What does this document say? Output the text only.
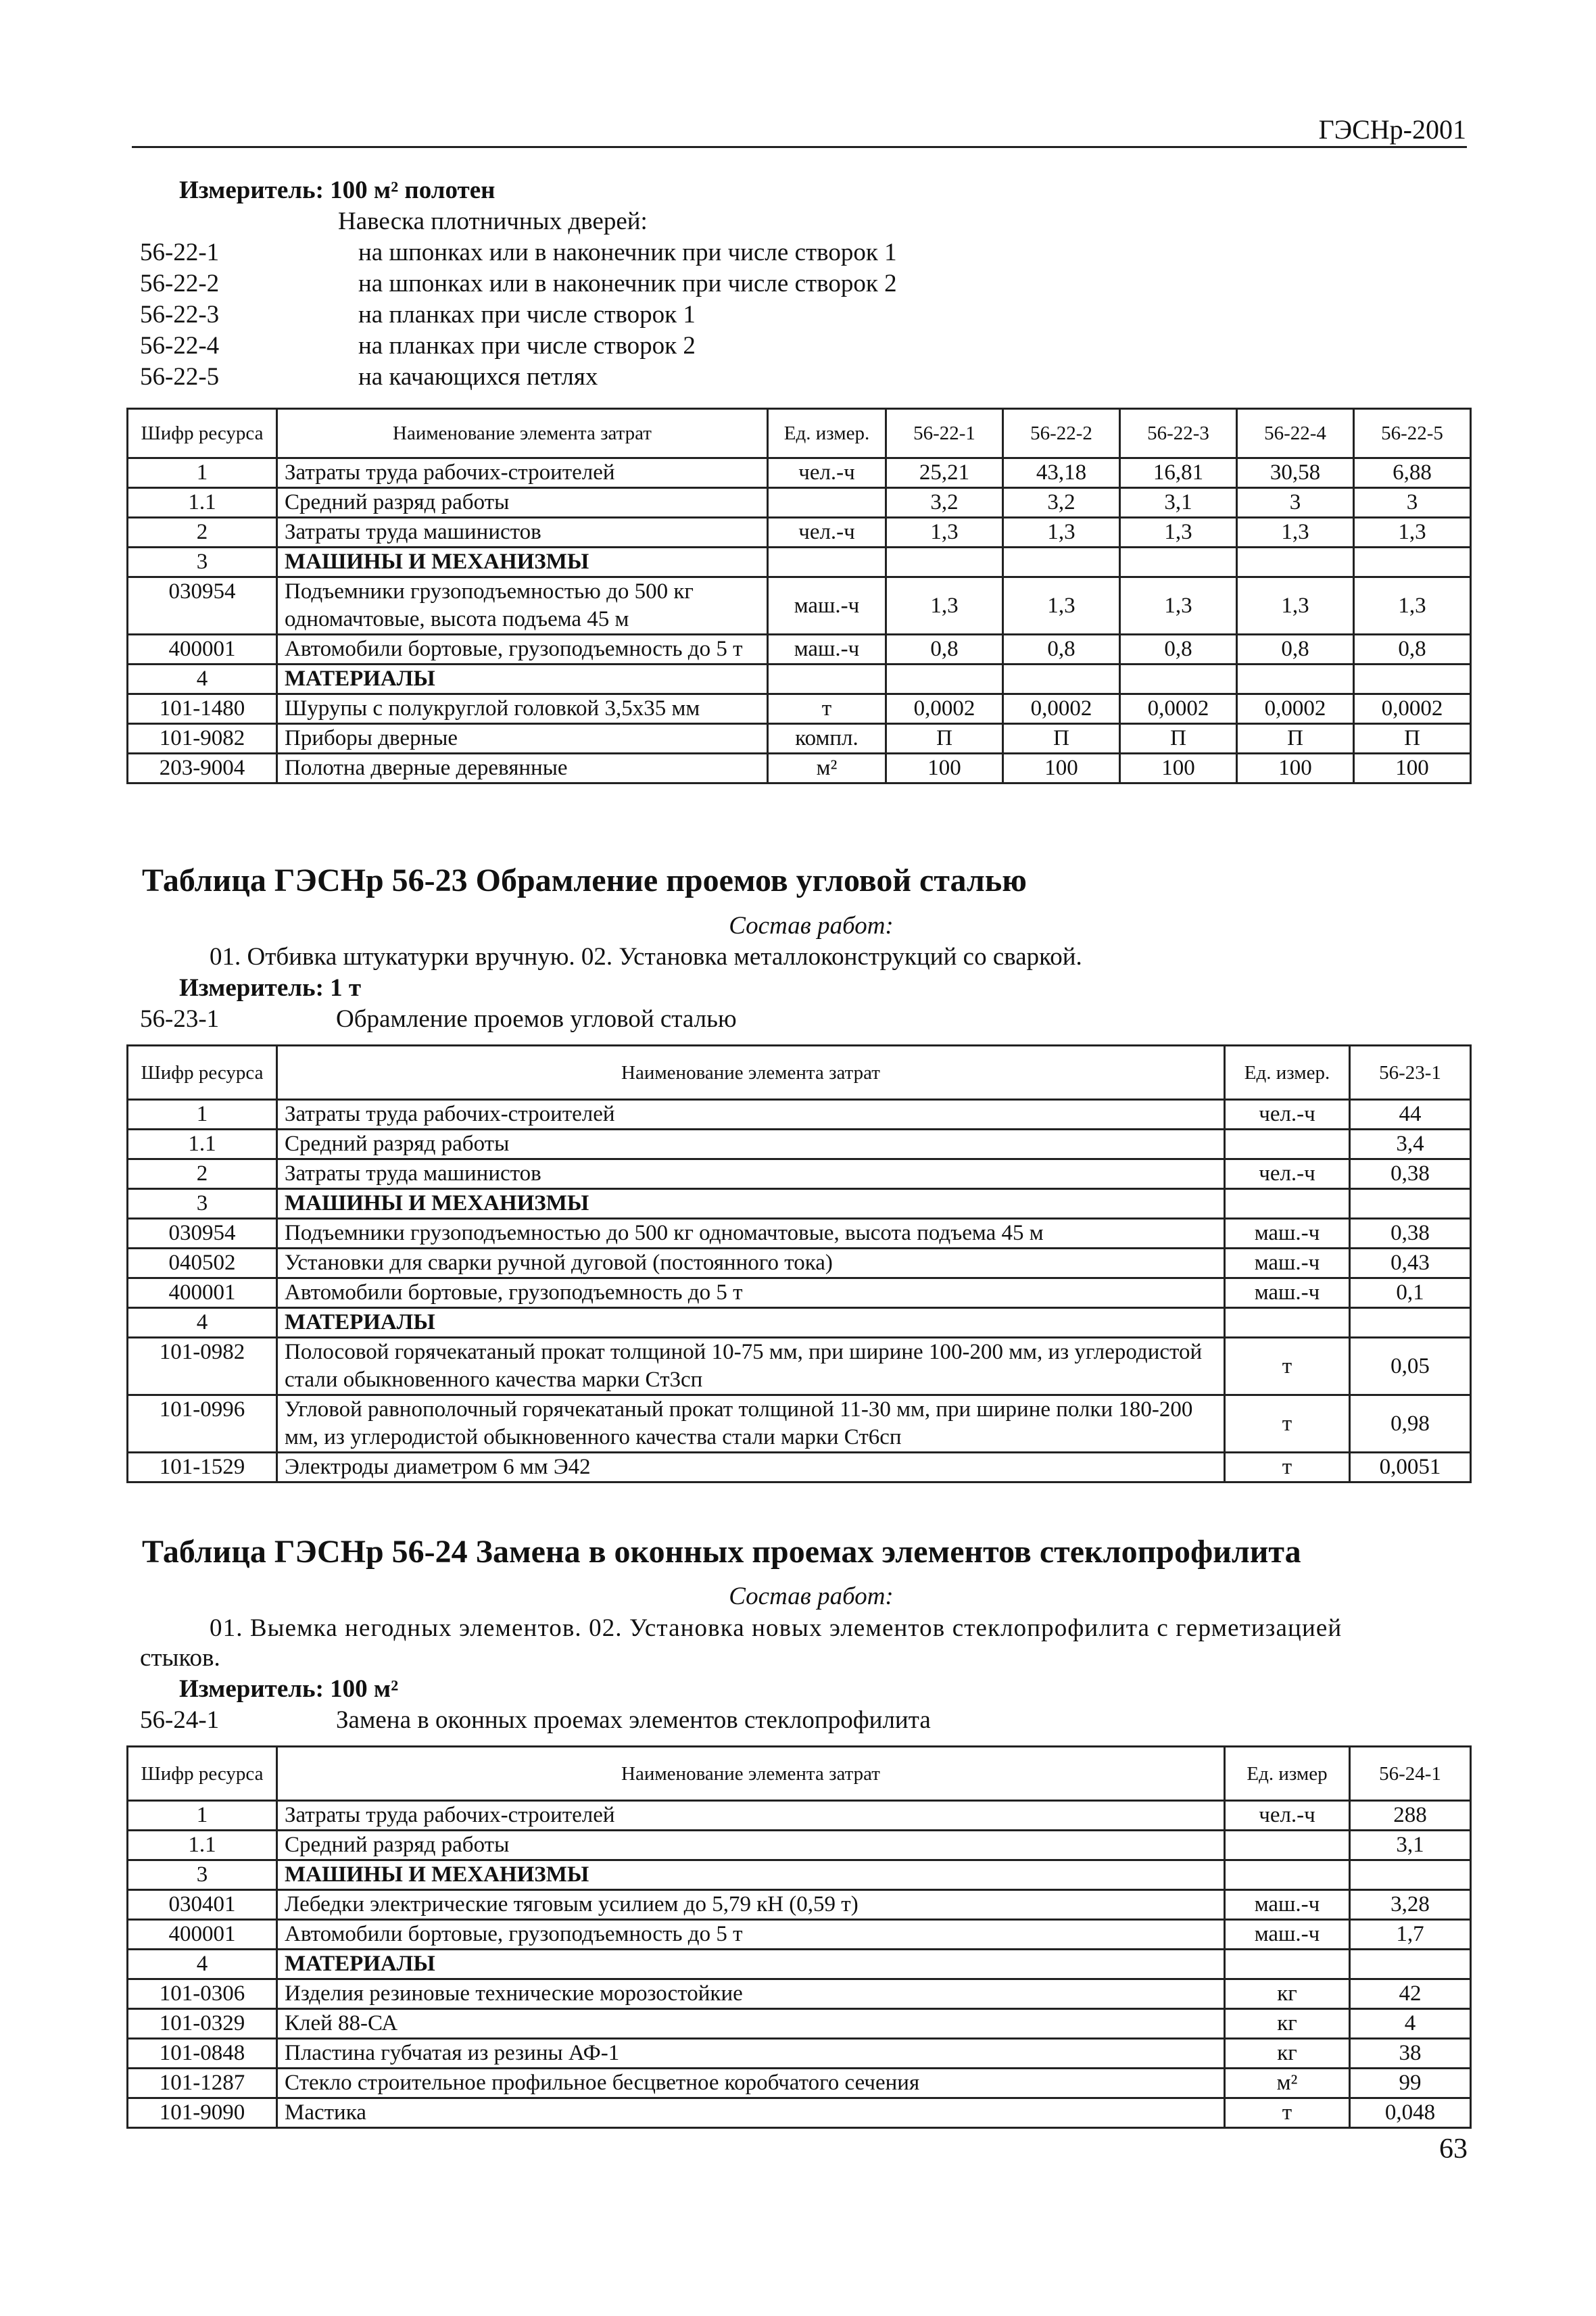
ГЭСНр-2001
Измеритель: 100 м² полотен
Навеска плотничных дверей:
56-22-1	на шпонках или в наконечник при числе створок 1
56-22-2	на шпонках или в наконечник при числе створок 2
56-22-3	на планках при числе створок 1
56-22-4	на планках при числе створок 2
56-22-5	на качающихся петлях
Шифр ресурса	Наименование элемента затрат	Ед. измер.	56-22-1	56-22-2	56-22-3	56-22-4	56-22-5
1	Затраты труда рабочих-строителей	чел.-ч	25,21	43,18	16,81	30,58	6,88
1.1	Средний разряд работы		3,2	3,2	3,1	3	3
2	Затраты труда машинистов	чел.-ч	1,3	1,3	1,3	1,3	1,3
3	МАШИНЫ И МЕХАНИЗМЫ						
030954	Подъемники грузоподъемностью до 500 кг одномачтовые, высота подъема 45 м	маш.-ч	1,3	1,3	1,3	1,3	1,3
400001	Автомобили бортовые, грузоподъемность до 5 т	маш.-ч	0,8	0,8	0,8	0,8	0,8
4	МАТЕРИАЛЫ						
101-1480	Шурупы с полукруглой головкой 3,5х35 мм	т	0,0002	0,0002	0,0002	0,0002	0,0002
101-9082	Приборы дверные	компл.	П	П	П	П	П
203-9004	Полотна дверные деревянные	м²	100	100	100	100	100
Таблица ГЭСНр 56-23 Обрамление проемов угловой сталью
Состав работ:
01. Отбивка штукатурки вручную. 02. Установка металлоконструкций со сваркой.
Измеритель: 1 т
56-23-1	Обрамление проемов угловой сталью
Шифр ресурса	Наименование элемента затрат	Ед. измер.	56-23-1
1	Затраты труда рабочих-строителей	чел.-ч	44
1.1	Средний разряд работы		3,4
2	Затраты труда машинистов	чел.-ч	0,38
3	МАШИНЫ И МЕХАНИЗМЫ		
030954	Подъемники грузоподъемностью до 500 кг одномачтовые, высота подъема 45 м	маш.-ч	0,38
040502	Установки для сварки ручной дуговой (постоянного тока)	маш.-ч	0,43
400001	Автомобили бортовые, грузоподъемность до 5 т	маш.-ч	0,1
4	МАТЕРИАЛЫ		
101-0982	Полосовой горячекатаный прокат толщиной 10-75 мм, при ширине 100-200 мм, из углеродистой стали обыкновенного качества марки Ст3сп	т	0,05
101-0996	Угловой равнополочный горячекатаный прокат толщиной 11-30 мм, при ширине полки 180-200 мм, из углеродистой обыкновенного качества стали марки Ст6сп	т	0,98
101-1529	Электроды диаметром 6 мм Э42	т	0,0051
Таблица ГЭСНр 56-24 Замена в оконных проемах элементов стеклопрофилита
Состав работ:
01. Выемка негодных элементов. 02. Установка новых элементов стеклопрофилита с герметизацией
стыков.
Измеритель: 100 м²
56-24-1	Замена в оконных проемах элементов стеклопрофилита
Шифр ресурса	Наименование элемента затрат	Ед. измер	56-24-1
1	Затраты труда рабочих-строителей	чел.-ч	288
1.1	Средний разряд работы		3,1
3	МАШИНЫ И МЕХАНИЗМЫ		
030401	Лебедки электрические тяговым усилием до 5,79 кН (0,59 т)	маш.-ч	3,28
400001	Автомобили бортовые, грузоподъемность до 5 т	маш.-ч	1,7
4	МАТЕРИАЛЫ		
101-0306	Изделия резиновые технические морозостойкие	кг	42
101-0329	Клей 88-СА	кг	4
101-0848	Пластина губчатая из резины АФ-1	кг	38
101-1287	Стекло строительное профильное бесцветное коробчатого сечения	м²	99
101-9090	Мастика	т	0,048
63
